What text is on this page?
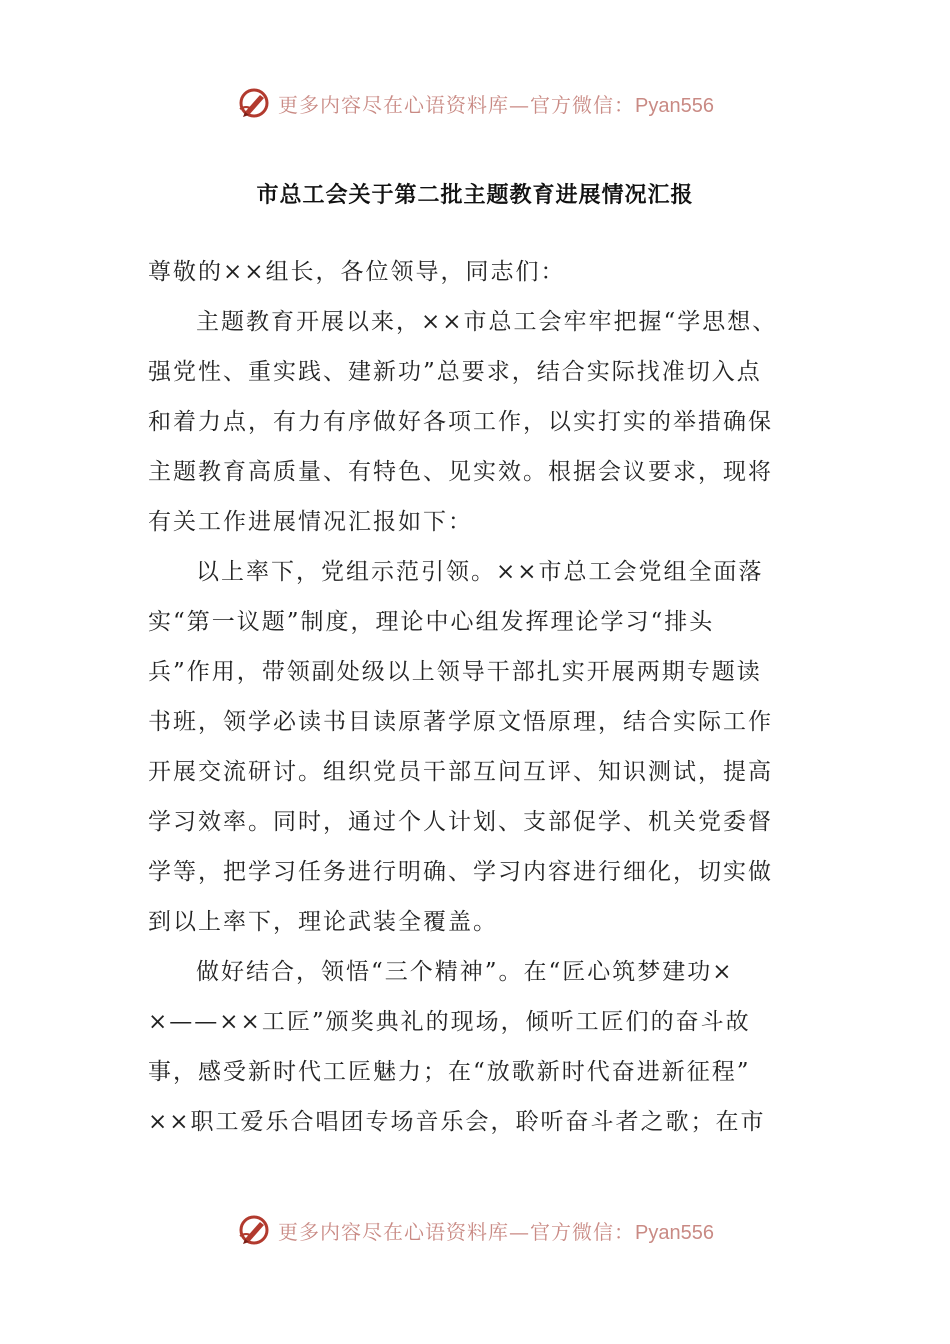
更多内容尽在心语资料库—官方微信：Pyan556
市总工会关于第二批主题教育进展情况汇报
尊敬的××组长，各位领导，同志们：
主题教育开展以来，××市总工会牢牢把握“学思想、
强党性、重实践、建新功”总要求，结合实际找准切入点
和着力点，有力有序做好各项工作，以实打实的举措确保
主题教育高质量、有特色、见实效。根据会议要求，现将
有关工作进展情况汇报如下：
以上率下，党组示范引领。××市总工会党组全面落
实“第一议题”制度，理论中心组发挥理论学习“排头
兵”作用，带领副处级以上领导干部扎实开展两期专题读
书班，领学必读书目读原著学原文悟原理，结合实际工作
开展交流研讨。组织党员干部互问互评、知识测试，提高
学习效率。同时，通过个人计划、支部促学、机关党委督
学等，把学习任务进行明确、学习内容进行细化，切实做
到以上率下，理论武装全覆盖。
做好结合，领悟“三个精神”。在“匠心筑梦建功×
×——××工匠”颁奖典礼的现场，倾听工匠们的奋斗故
事，感受新时代工匠魅力；在“放歌新时代奋进新征程”
××职工爱乐合唱团专场音乐会，聆听奋斗者之歌；在市
更多内容尽在心语资料库—官方微信：Pyan556
